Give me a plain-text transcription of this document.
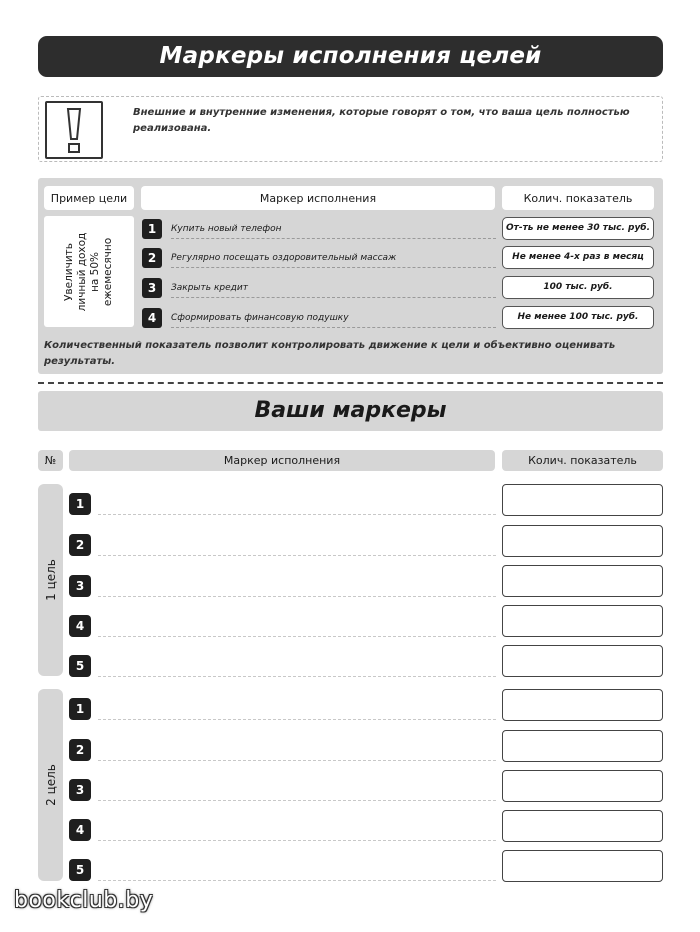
Маркеры исполнения целей
Внешние и внутренние изменения, которые говорят о том, что ваша цель полностью реализована.
Пример цели	Маркер исполнения	Колич. показатель
Увеличить личный доход на 50% ежемесячно
1	Купить новый телефон	От-ть не менее 30 тыс. руб.
2	Регулярно посещать оздоровительный массаж	Не менее 4-х раз в месяц
3	Закрыть кредит	100 тыс. руб.
4	Сформировать финансовую подушку	Не менее 100 тыс. руб.
Количественный показатель позволит контролировать движение к цели и объективно оценивать результаты.
Ваши маркеры
№	Маркер исполнения	Колич. показатель
1 цель
1
2
3
4
5
2 цель
1
2
3
4
5
bookclub.by
